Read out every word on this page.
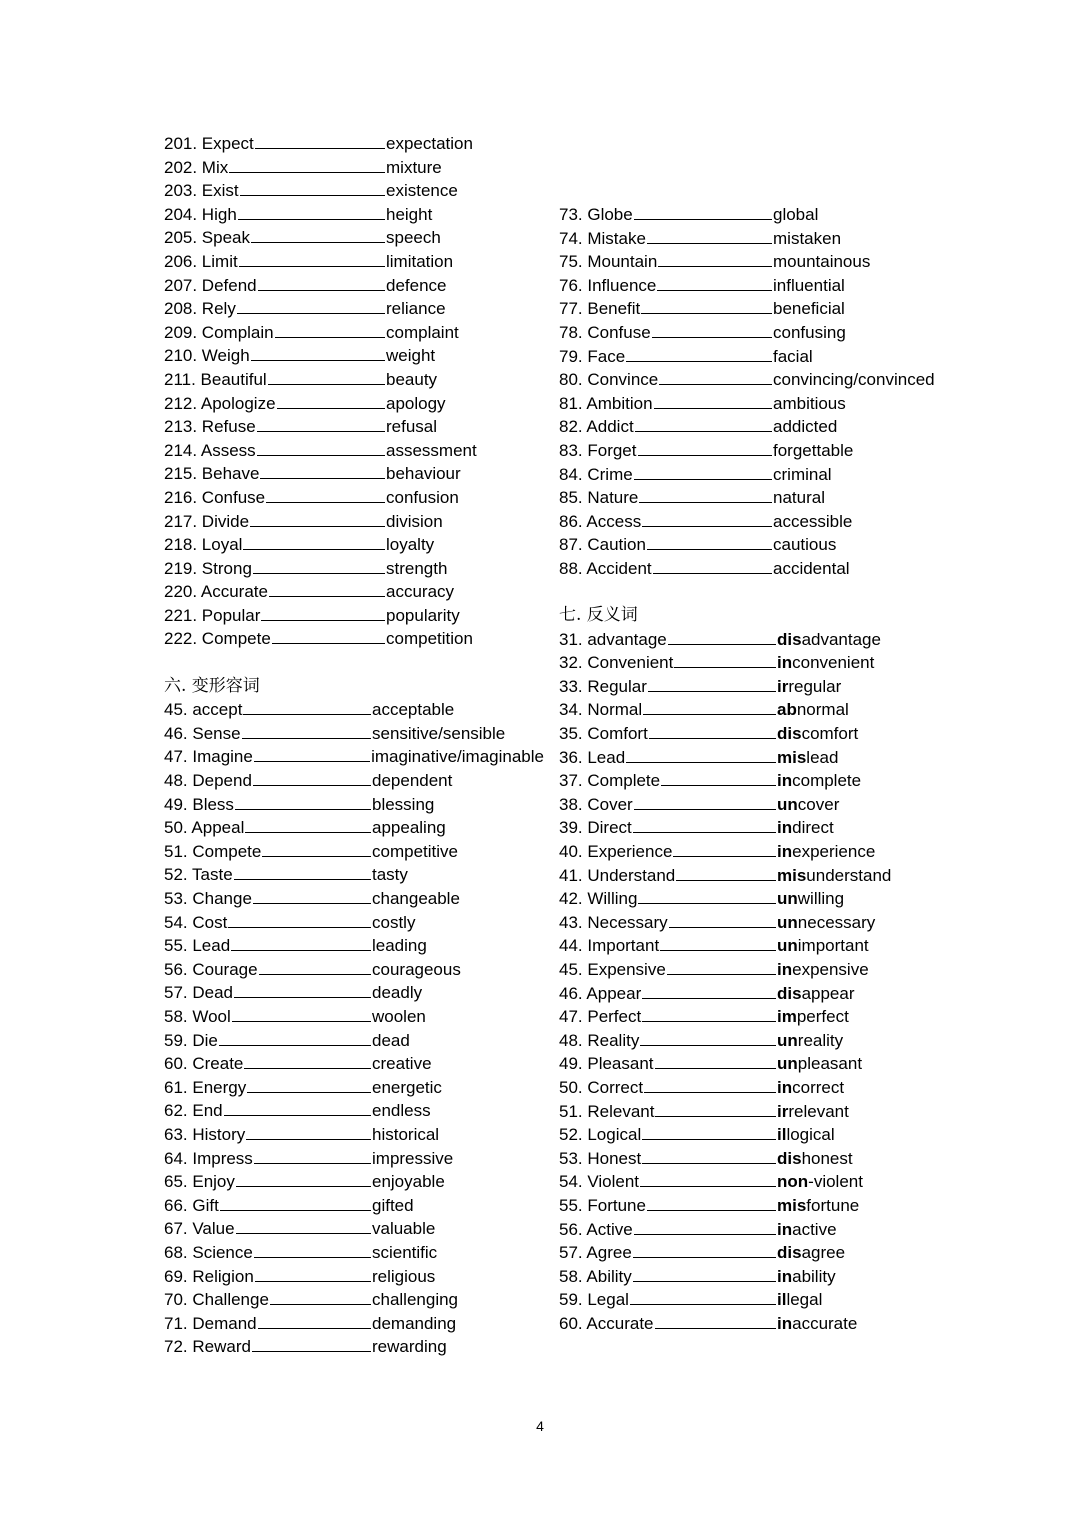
201. Expect	expectation
202. Mix	mixture
203. Exist	existence
204. High	height
205. Speak	speech
206. Limit	limitation
207. Defend	defence
208. Rely	reliance
209. Complain	complaint
210. Weigh	weight
211. Beautiful	beauty
212. Apologize	apology
213. Refuse	refusal
214. Assess	assessment
215. Behave	behaviour
216. Confuse	confusion
217. Divide	division
218. Loyal	loyalty
219. Strong	strength
220. Accurate	accuracy
221. Popular	popularity
222. Compete	competition
六. 变形容词
45. accept	acceptable
46. Sense	sensitive/sensible
47. Imagine	imaginative/imaginable
48. Depend	dependent
49. Bless	blessing
50. Appeal	appealing
51. Compete	competitive
52. Taste	tasty
53. Change	changeable
54. Cost	costly
55. Lead	leading
56. Courage	courageous
57. Dead	deadly
58. Wool	woolen
59. Die	dead
60. Create	creative
61. Energy	energetic
62. End	endless
63. History	historical
64. Impress	impressive
65. Enjoy	enjoyable
66. Gift	gifted
67. Value	valuable
68. Science	scientific
69. Religion	religious
70. Challenge	challenging
71. Demand	demanding
72. Reward	rewarding
73. Globe	global
74. Mistake	mistaken
75. Mountain	mountainous
76. Influence	influential
77. Benefit	beneficial
78. Confuse	confusing
79. Face	facial
80. Convince	convincing/convinced
81. Ambition	ambitious
82. Addict	addicted
83. Forget	forgettable
84. Crime	criminal
85. Nature	natural
86. Access	accessible
87. Caution	cautious
88. Accident	accidental
七. 反义词
31. advantage	disadvantage
32. Convenient	inconvenient
33. Regular	irregular
34. Normal	abnormal
35. Comfort	discomfort
36. Lead	mislead
37. Complete	incomplete
38. Cover	uncover
39. Direct	indirect
40. Experience	inexperience
41. Understand	misunderstand
42. Willing	unwilling
43. Necessary	unnecessary
44. Important	unimportant
45. Expensive	inexpensive
46. Appear	disappear
47. Perfect	imperfect
48. Reality	unreality
49. Pleasant	unpleasant
50. Correct	incorrect
51. Relevant	irrelevant
52. Logical	illogical
53. Honest	dishonest
54. Violent	non-violent
55. Fortune	misfortune
56. Active	inactive
57. Agree	disagree
58. Ability	inability
59. Legal	illegal
60. Accurate	inaccurate
4
